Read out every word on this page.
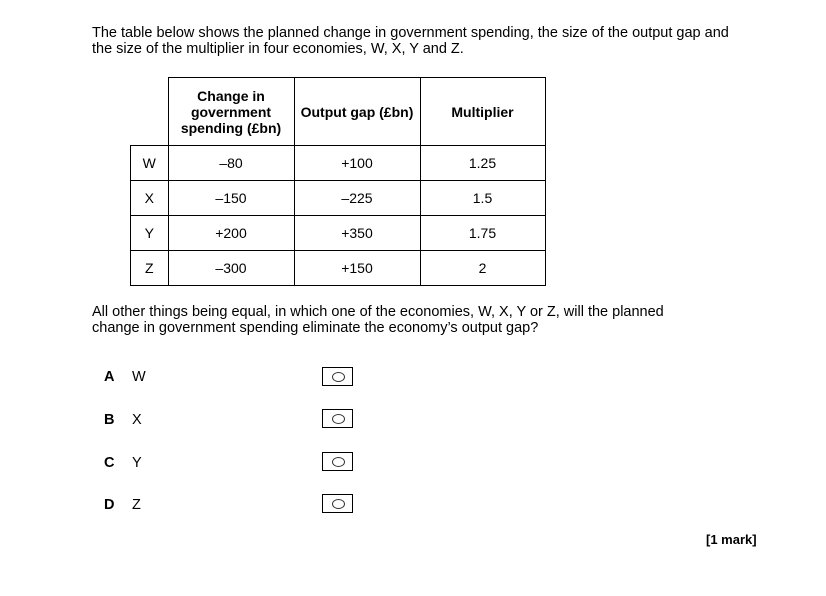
The table below shows the planned change in government spending, the size of the output gap and the size of the multiplier in four economies, W, X, Y and Z.

	Change in government spending (£bn)	Output gap (£bn)	Multiplier
W	–80	+100	1.25
X	–150	–225	1.5
Y	+200	+350	1.75
Z	–300	+150	2

All other things being equal, in which one of the economies, W, X, Y or Z, will the planned change in government spending eliminate the economy’s output gap?

A W
B X
C Y
D Z
[1 mark]
